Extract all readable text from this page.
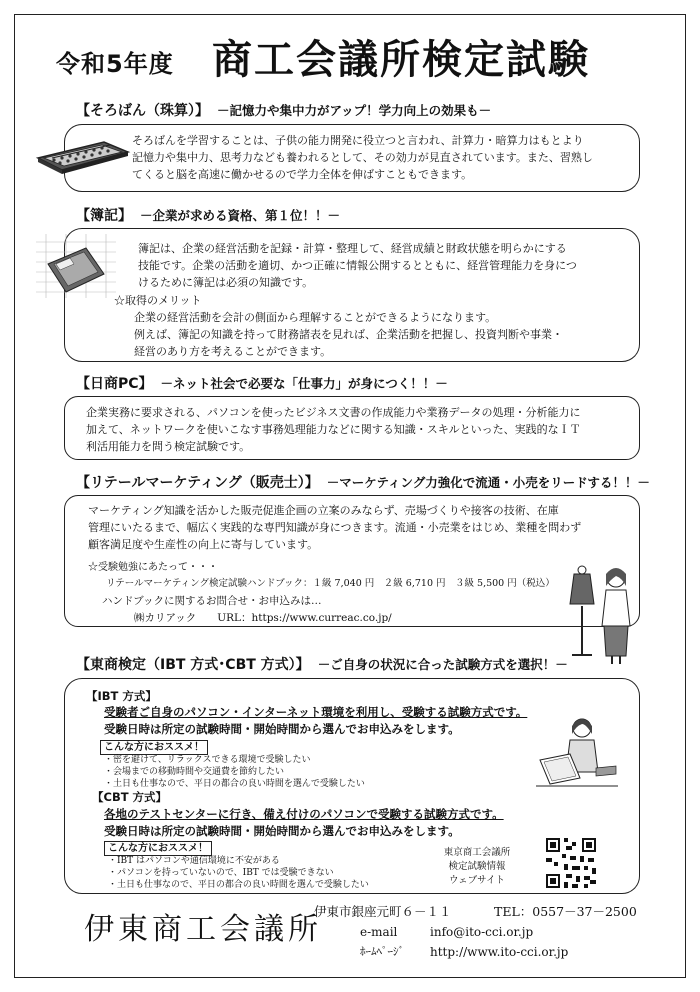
令和5年度 商工会議所検定試験
【そろばん（珠算）】 －記憶力や集中力がアップ！学力向上の効果も－
そろばんを学習することは、子供の能力開発に役立つと言われ、計算力・暗算力はもとより
記憶力や集中力、思考力なども養われるとして、その効力が見直されています。また、習熟し
てくると脳を高速に働かせるので学力全体を伸ばすこともできます。
【簿記】 －企業が求める資格、第１位！！－
簿記は、企業の経営活動を記録・計算・整理して、経営成績と財政状態を明らかにする
技能です。企業の活動を適切、かつ正確に情報公開するとともに、経営管理能力を身につ
けるために簿記は必須の知識です。
☆取得のメリット
企業の経営活動を会計の側面から理解することができるようになります。
例えば、簿記の知識を持って財務諸表を見れば、企業活動を把握し、投資判断や事業・
経営のあり方を考えることができます。
【日商PC】 －ネット社会で必要な「仕事力」が身につく！！－
企業実務に要求される、パソコンを使ったビジネス文書の作成能力や業務データの処理・分析能力に
加えて、ネットワークを使いこなす事務処理能力などに関する知識・スキルといった、実践的なＩＴ
利活用能力を問う検定試験です。
【リテールマーケティング（販売士）】 －マーケティング力強化で流通・小売をリードする！！－
マーケティング知識を活かした販売促進企画の立案のみならず、売場づくりや接客の技術、在庫
管理にいたるまで、幅広く実践的な専門知識が身につきます。流通・小売業をはじめ、業種を問わず
顧客満足度や生産性の向上に寄与しています。
☆受験勉強にあたって・・・
リテールマーケティング検定試験ハンドブック：１級 7,040 円　２級 6,710 円　３級 5,500 円（税込）
ハンドブックに関するお問合せ・お申込みは…
㈱カリアック　　URL：https://www.curreac.co.jp/
【東商検定（IBT 方式･CBT 方式）】 －ご自身の状況に合った試験方式を選択！－
【IBT 方式】
受験者ご自身のパソコン・インターネット環境を利用し、受験する試験方式です。
受験日時は所定の試験時間・開始時間から選んでお申込みをします。
こんな方におススメ！
・密を避けて、リラックスできる環境で受験したい
・会場までの移動時間や交通費を節約したい
・土日も仕事なので、平日の都合の良い時間を選んで受験したい
【CBT 方式】
各地のテストセンターに行き、備え付けのパソコンで受験する試験方式です。
受験日時は所定の試験時間・開始時間から選んでお申込みをします。
こんな方におススメ！
・IBT はパソコンや通信環境に不安がある
・パソコンを持っていないので、IBT では受験できない
・土日も仕事なので、平日の都合の良い時間を選んで受験したい
東京商工会議所
検定試験情報
ウェブサイト
伊東商工会議所
伊東市銀座元町６－１１	TEL：0557－37－2500
e-mail	info@ito-cci.or.jp
ﾎｰﾑﾍﾟｰｼﾞ http://www.ito-cci.or.jp
